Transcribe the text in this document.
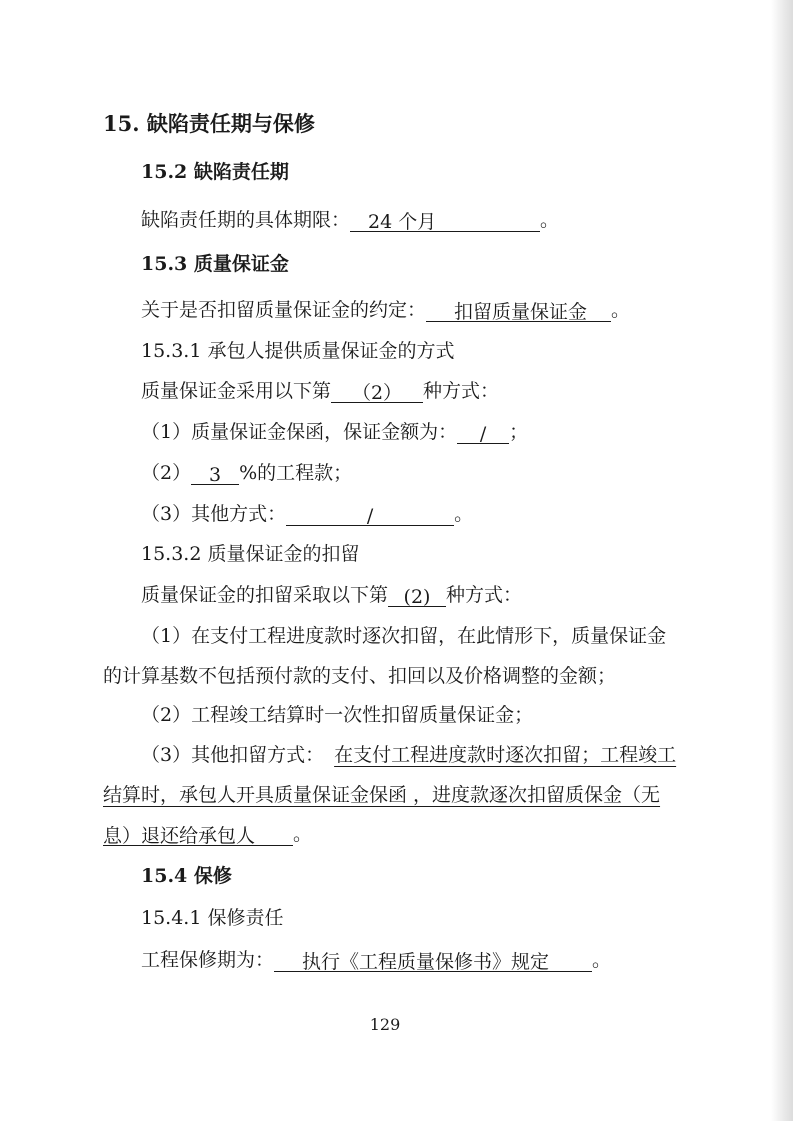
15. 缺陷责任期与保修
15.2 缺陷责任期
缺陷责任期的具体期限： 24 个月	。
15.3 质量保证金
关于是否扣留质量保证金的约定： 扣留质量保证金 。
15.3.1 承包人提供质量保证金的方式
质量保证金采用以下第 （2） 种方式：
（1）质量保证金保函，保证金额为： / ；
（2） 3 %的工程款；
（3）其他方式：	/	。
15.3.2 质量保证金的扣留
质量保证金的扣留采取以下第 (2) 种方式：
（1）在支付工程进度款时逐次扣留，在此情形下，质量保证金
的计算基数不包括预付款的支付、扣回以及价格调整的金额；
（2）工程竣工结算时一次性扣留质量保证金；
（3）其他扣留方式： 在支付工程进度款时逐次扣留；工程竣工
结算时，承包人开具质量保证金保函 ，进度款逐次扣留质保金（无
息）退还给承包人 。
15.4 保修
15.4.1 保修责任
工程保修期为： 执行《工程质量保修书》规定 。
129
